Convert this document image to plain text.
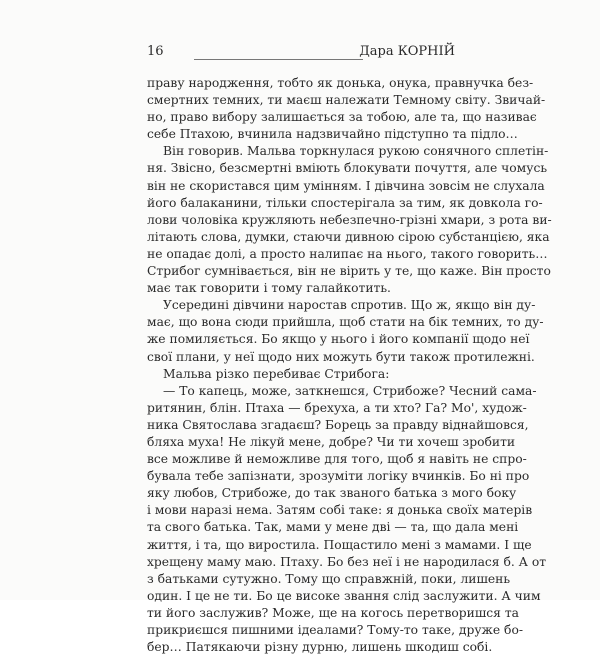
16	Дара КОРНІЙ
праву народження, тобто як донька, онука, правнучка без-
смертних темних, ти маєш належати Темному світу. Звичай-
но, право вибору залишається за тобою, але та, що називає
себе Птахою, вчинила надзвичайно підступно та підло…
Він говорив. Мальва торкнулася рукою сонячного сплетін-
ня. Звісно, безсмертні вміють блокувати почуття, але чомусь
він не скористався цим умінням. І дівчина зовсім не слухала
його балаканини, тільки спостерігала за тим, як довкола го-
лови чоловіка кружляють небезпечно-грізні хмари, з рота ви-
літають слова, думки, стаючи дивною сірою субстанцією, яка
не опадає долі, а просто налипає на нього, такого говорить…
Стрибог сумнівається, він не вірить у те, що каже. Він просто
має так говорити і тому галайкотить.
Усередині дівчини наростав спротив. Що ж, якщо він ду-
має, що вона сюди прийшла, щоб стати на бік темних, то ду-
же помиляється. Бо якщо у нього і його компанії щодо неї
свої плани, у неї щодо них можуть бути також протилежні.
Мальва різко перебиває Стрибога:
— То капець, може, заткнешся, Стрибоже? Чесний сама-
ритянин, блін. Птаха — брехуха, а ти хто? Га? Мо', худож-
ника Святослава згадаєш? Борець за правду віднайшовся,
бляха муха! Не лікуй мене, добре? Чи ти хочеш зробити
все можливе й неможливе для того, щоб я навіть не спро-
бувала тебе запізнати, зрозуміти логіку вчинків. Бо ні про
яку любов, Стрибоже, до так званого батька з мого боку
і мови наразі нема. Затям собі таке: я донька своїх матерів
та свого батька. Так, мами у мене дві — та, що дала мені
життя, і та, що виростила. Пощастило мені з мамами. І ще
хрещену маму маю. Птаху. Бо без неї і не народилася б. А от
з батьками сутужно. Тому що справжній, поки, лишень
один. І це не ти. Бо це високе звання слід заслужити. А чим
ти його заслужив? Може, ще на когось перетворишся та
прикриєшся пишними ідеалами? Тому-то таке, друже бо-
бер… Патякаючи різну дурню, лишень шкодиш собі.
